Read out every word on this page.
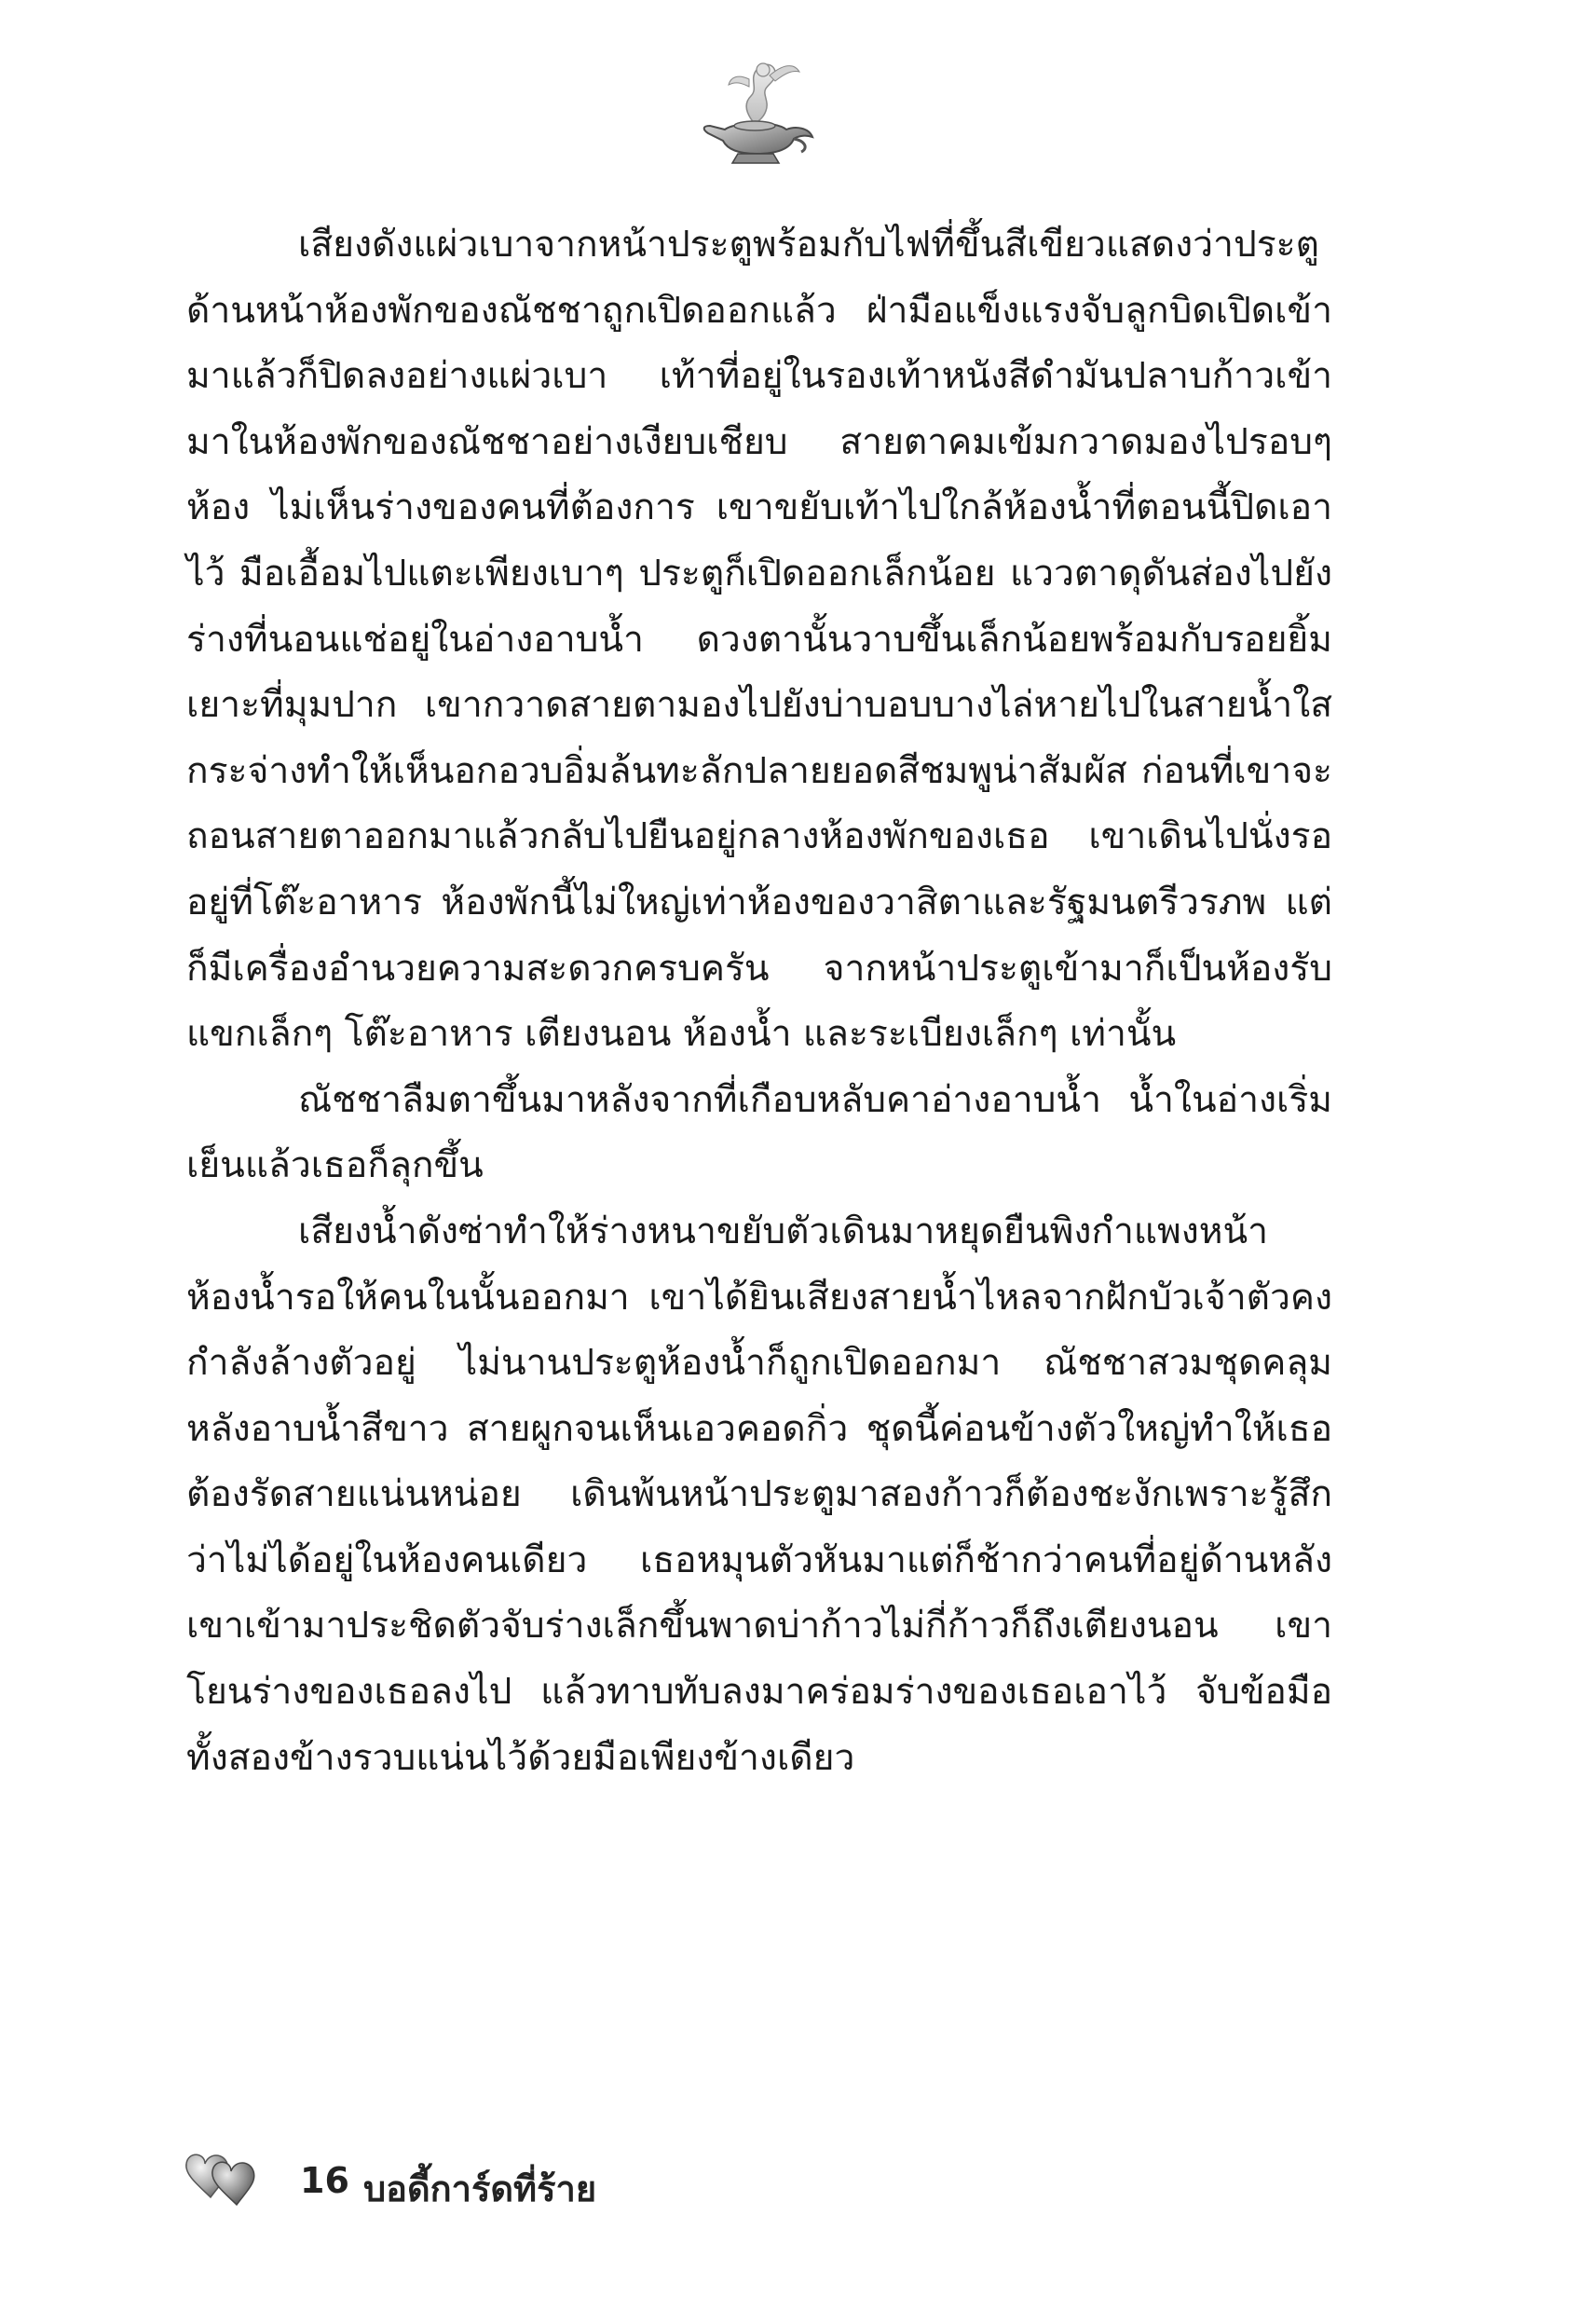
เสียงดังแผ่วเบาจากหน้าประตูพร้อมกับไฟที่ขึ้นสีเขียวแสดงว่าประตูด้านหน้าห้องพักของณัชชาถูกเปิดออกแล้ว ฝ่ามือแข็งแรงจับลูกบิดเปิดเข้ามาแล้วก็ปิดลงอย่างแผ่วเบา เท้าที่อยู่ในรองเท้าหนังสีดำมันปลาบก้าวเข้ามาในห้องพักของณัชชาอย่างเงียบเชียบ สายตาคมเข้มกวาดมองไปรอบๆ ห้อง ไม่เห็นร่างของคนที่ต้องการ เขาขยับเท้าไปใกล้ห้องน้ำที่ตอนนี้ปิดเอาไว้ มือเอื้อมไปแตะเพียงเบาๆ ประตูก็เปิดออกเล็กน้อย แววตาดุดันส่องไปยังร่างที่นอนแช่อยู่ในอ่างอาบน้ำ ดวงตานั้นวาบขึ้นเล็กน้อยพร้อมกับรอยยิ้มเยาะที่มุมปาก เขากวาดสายตามองไปยังบ่าบอบบางไล่หายไปในสายน้ำใสกระจ่างทำให้เห็นอกอวบอิ่มล้นทะลักปลายยอดสีชมพูน่าสัมผัส ก่อนที่เขาจะถอนสายตาออกมาแล้วกลับไปยืนอยู่กลางห้องพักของเธอ เขาเดินไปนั่งรออยู่ที่โต๊ะอาหาร ห้องพักนี้ไม่ใหญ่เท่าห้องของวาสิตาและรัฐมนตรีวรภพ แต่ก็มีเครื่องอำนวยความสะดวกครบครัน จากหน้าประตูเข้ามาก็เป็นห้องรับแขกเล็กๆ โต๊ะอาหาร เตียงนอน ห้องน้ำ และระเบียงเล็กๆ เท่านั้น

ณัชชาลืมตาขึ้นมาหลังจากที่เกือบหลับคาอ่างอาบน้ำ น้ำในอ่างเริ่มเย็นแล้วเธอก็ลุกขึ้น

เสียงน้ำดังซ่าทำให้ร่างหนาขยับตัวเดินมาหยุดยืนพิงกำแพงหน้าห้องน้ำรอให้คนในนั้นออกมา เขาได้ยินเสียงสายน้ำไหลจากฝักบัวเจ้าตัวคงกำลังล้างตัวอยู่ ไม่นานประตูห้องน้ำก็ถูกเปิดออกมา ณัชชาสวมชุดคลุมหลังอาบน้ำสีขาว สายผูกจนเห็นเอวคอดกิ่ว ชุดนี้ค่อนข้างตัวใหญ่ทำให้เธอต้องรัดสายแน่นหน่อย เดินพ้นหน้าประตูมาสองก้าวก็ต้องชะงักเพราะรู้สึกว่าไม่ได้อยู่ในห้องคนเดียว เธอหมุนตัวหันมาแต่ก็ช้ากว่าคนที่อยู่ด้านหลัง เขาเข้ามาประชิดตัวจับร่างเล็กขึ้นพาดบ่าก้าวไม่กี่ก้าวก็ถึงเตียงนอน เขาโยนร่างของเธอลงไป แล้วทาบทับลงมาคร่อมร่างของเธอเอาไว้ จับข้อมือทั้งสองข้างรวบแน่นไว้ด้วยมือเพียงข้างเดียว

16 บอดี้การ์ดที่ร้าย
